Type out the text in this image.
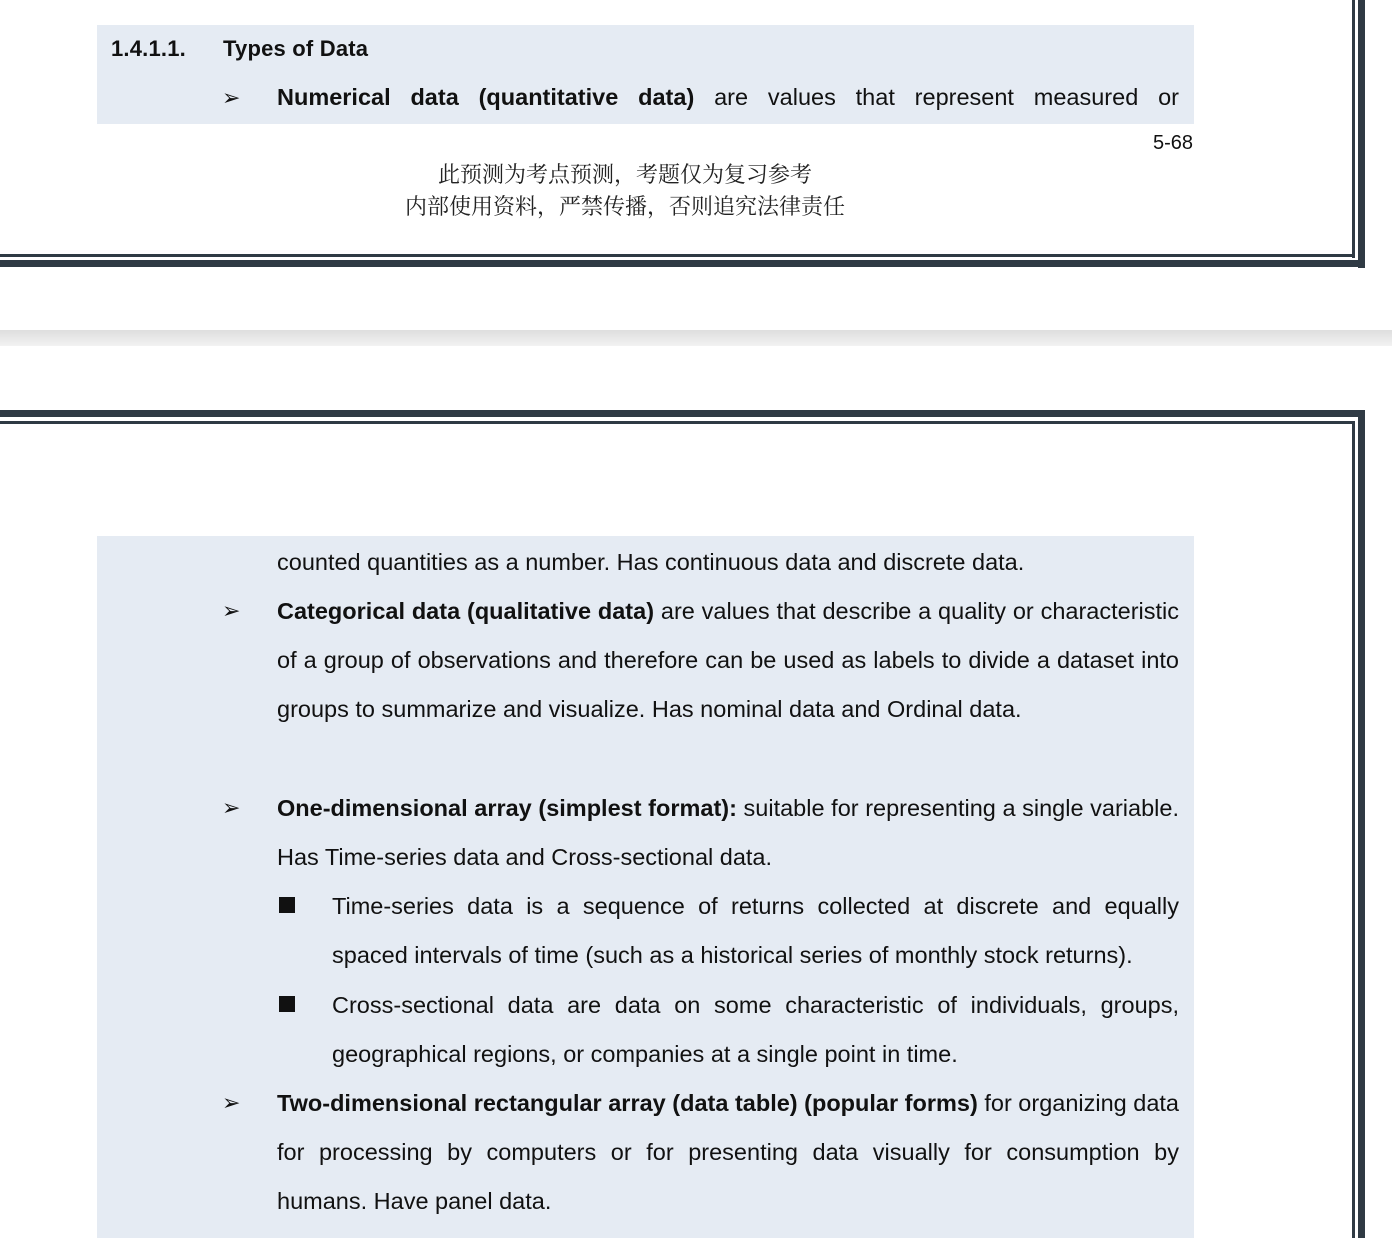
1.4.1.1. Types of Data
➢ Numerical data (quantitative data) are values that represent measured or
5-68
此预测为考点预测，考题仅为复习参考
内部使用资料，严禁传播，否则追究法律责任
counted quantities as a number. Has continuous data and discrete data.
➢ Categorical data (qualitative data) are values that describe a quality or characteristic of a group of observations and therefore can be used as labels to divide a dataset into groups to summarize and visualize. Has nominal data and Ordinal data.
➢ One-dimensional array (simplest format): suitable for representing a single variable. Has Time-series data and Cross-sectional data.
Time-series data is a sequence of returns collected at discrete and equally spaced intervals of time (such as a historical series of monthly stock returns).
Cross-sectional data are data on some characteristic of individuals, groups, geographical regions, or companies at a single point in time.
➢ Two-dimensional rectangular array (data table) (popular forms) for organizing data for processing by computers or for presenting data visually for consumption by humans. Have panel data.
